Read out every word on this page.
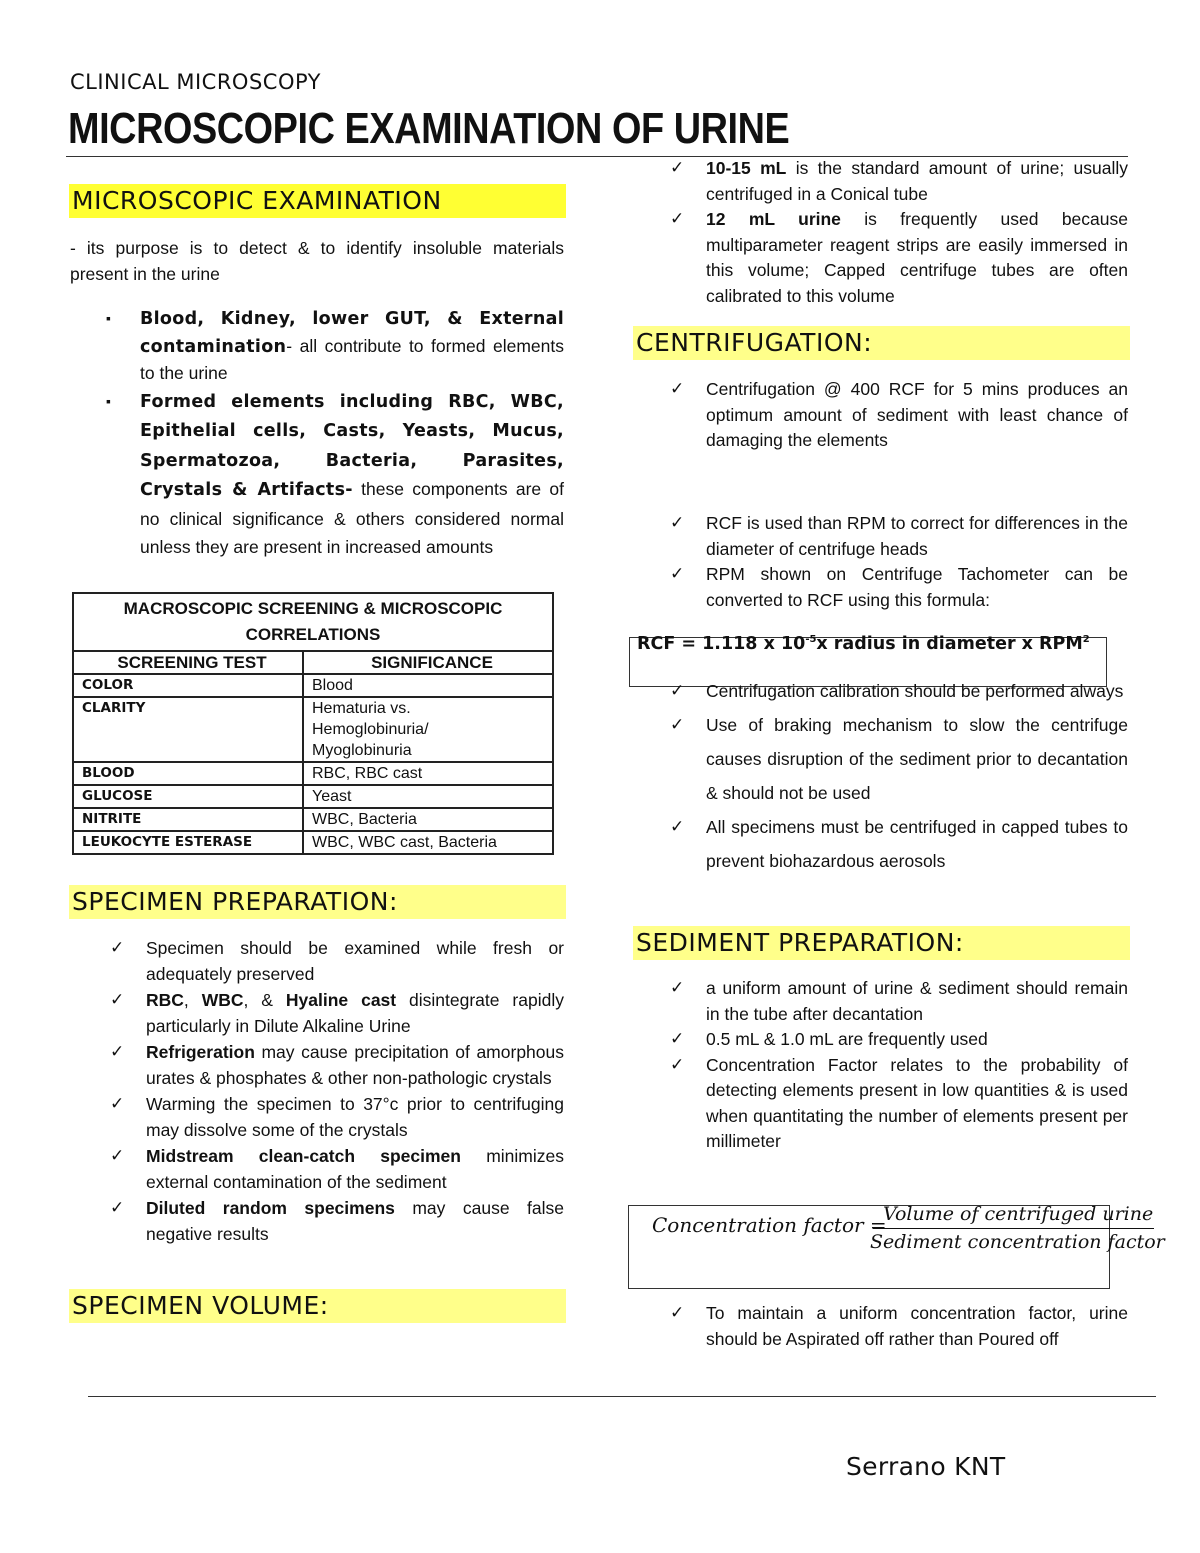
CLINICAL MICROSCOPY
MICROSCOPIC EXAMINATION OF URINE
MICROSCOPIC EXAMINATION
- its purpose is to detect & to identify insoluble materials present in the urine
▪ Blood, Kidney, lower GUT, & External contamination- all contribute to formed elements to the urine
▪ Formed elements including RBC, WBC, Epithelial cells, Casts, Yeasts, Mucus, Spermatozoa, Bacteria, Parasites, Crystals & Artifacts- these components are of no clinical significance & others considered normal unless they are present in increased amounts
MACROSCOPIC SCREENING & MICROSCOPIC CORRELATIONS	
SCREENING TEST	SIGNIFICANCE
COLOR	Blood
CLARITY	Hematuria vs. Hemoglobinuria/ Myoglobinuria
BLOOD	RBC, RBC cast
GLUCOSE	Yeast
NITRITE	WBC, Bacteria
LEUKOCYTE ESTERASE	WBC, WBC cast, Bacteria
SPECIMEN PREPARATION:
✓ Specimen should be examined while fresh or adequately preserved
✓ RBC, WBC, & Hyaline cast disintegrate rapidly particularly in Dilute Alkaline Urine
✓ Refrigeration may cause precipitation of amorphous urates & phosphates & other non-pathologic crystals
✓ Warming the specimen to 37°c prior to centrifuging may dissolve some of the crystals
✓ Midstream clean-catch specimen minimizes external contamination of the sediment
✓ Diluted random specimens may cause false negative results
SPECIMEN VOLUME:
✓ 10-15 mL is the standard amount of urine; usually centrifuged in a Conical tube
✓ 12 mL urine is frequently used because multiparameter reagent strips are easily immersed in this volume; Capped centrifuge tubes are often calibrated to this volume
CENTRIFUGATION:
✓ Centrifugation @ 400 RCF for 5 mins produces an optimum amount of sediment with least chance of damaging the elements
✓ RCF is used than RPM to correct for differences in the diameter of centrifuge heads
✓ RPM shown on Centrifuge Tachometer can be converted to RCF using this formula:
RCF = 1.118 x $10^{-5}x$ radius in diameter x RPM$^2$
✓ Centrifugation calibration should be performed always
✓ Use of braking mechanism to slow the centrifuge causes disruption of the sediment prior to decantation & should not be used
✓ All specimens must be centrifuged in capped tubes to prevent biohazardous aerosols
SEDIMENT PREPARATION:
✓ a uniform amount of urine & sediment should remain in the tube after decantation
✓ 0.5 mL & 1.0 mL are frequently used
✓ Concentration Factor relates to the probability of detecting elements present in low quantities & is used when quantitating the number of elements present per millimeter
Concentration factor =
Volume of centrifuged urine
Sediment concentration factor
✓ To maintain a uniform concentration factor, urine should be Aspirated off rather than Poured off
Serrano KNT
